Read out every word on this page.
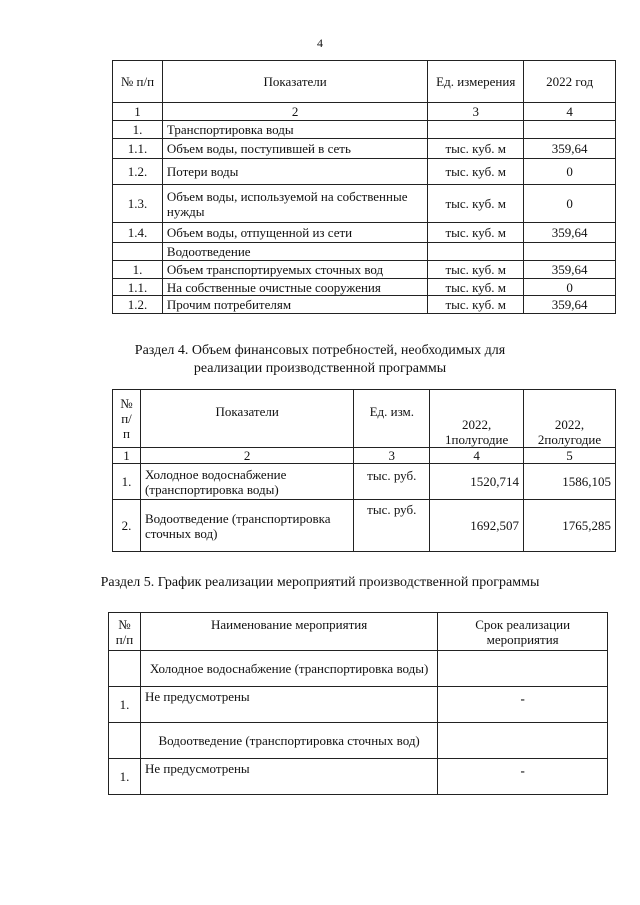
4
№ п/п	Показатели	Ед. измерения	2022 год
1	2	3	4
1.	Транспортировка воды		
1.1.	Объем воды, поступившей в сеть	тыс. куб. м	359,64
1.2.	Потери воды	тыс. куб. м	0
1.3.	Объем воды, используемой на собственные нужды	тыс. куб. м	0
1.4.	Объем воды, отпущенной из сети	тыс. куб. м	359,64
	Водоотведение		
1.	Объем транспортируемых сточных вод	тыс. куб. м	359,64
1.1.	На собственные очистные сооружения	тыс. куб. м	0
1.2.	Прочим потребителям	тыс. куб. м	359,64
Раздел 4. Объем финансовых потребностей, необходимых для реализации производственной программы
№ п/ п	Показатели	Ед. изм.	2022, 1полугодие	2022, 2полугодие
1	2	3	4	5
1.	Холодное водоснабжение (транспортировка воды)	тыс. руб.	1520,714	1586,105
2.	Водоотведение (транспортировка сточных вод)	тыс. руб.	1692,507	1765,285
Раздел 5. График реализации мероприятий производственной программы
№ п/п	Наименование мероприятия	Срок реализации мероприятия
	Холодное водоснабжение (транспортировка воды)	
1.	Не предусмотрены	-
	Водоотведение (транспортировка сточных вод)	
1.	Не предусмотрены	-
